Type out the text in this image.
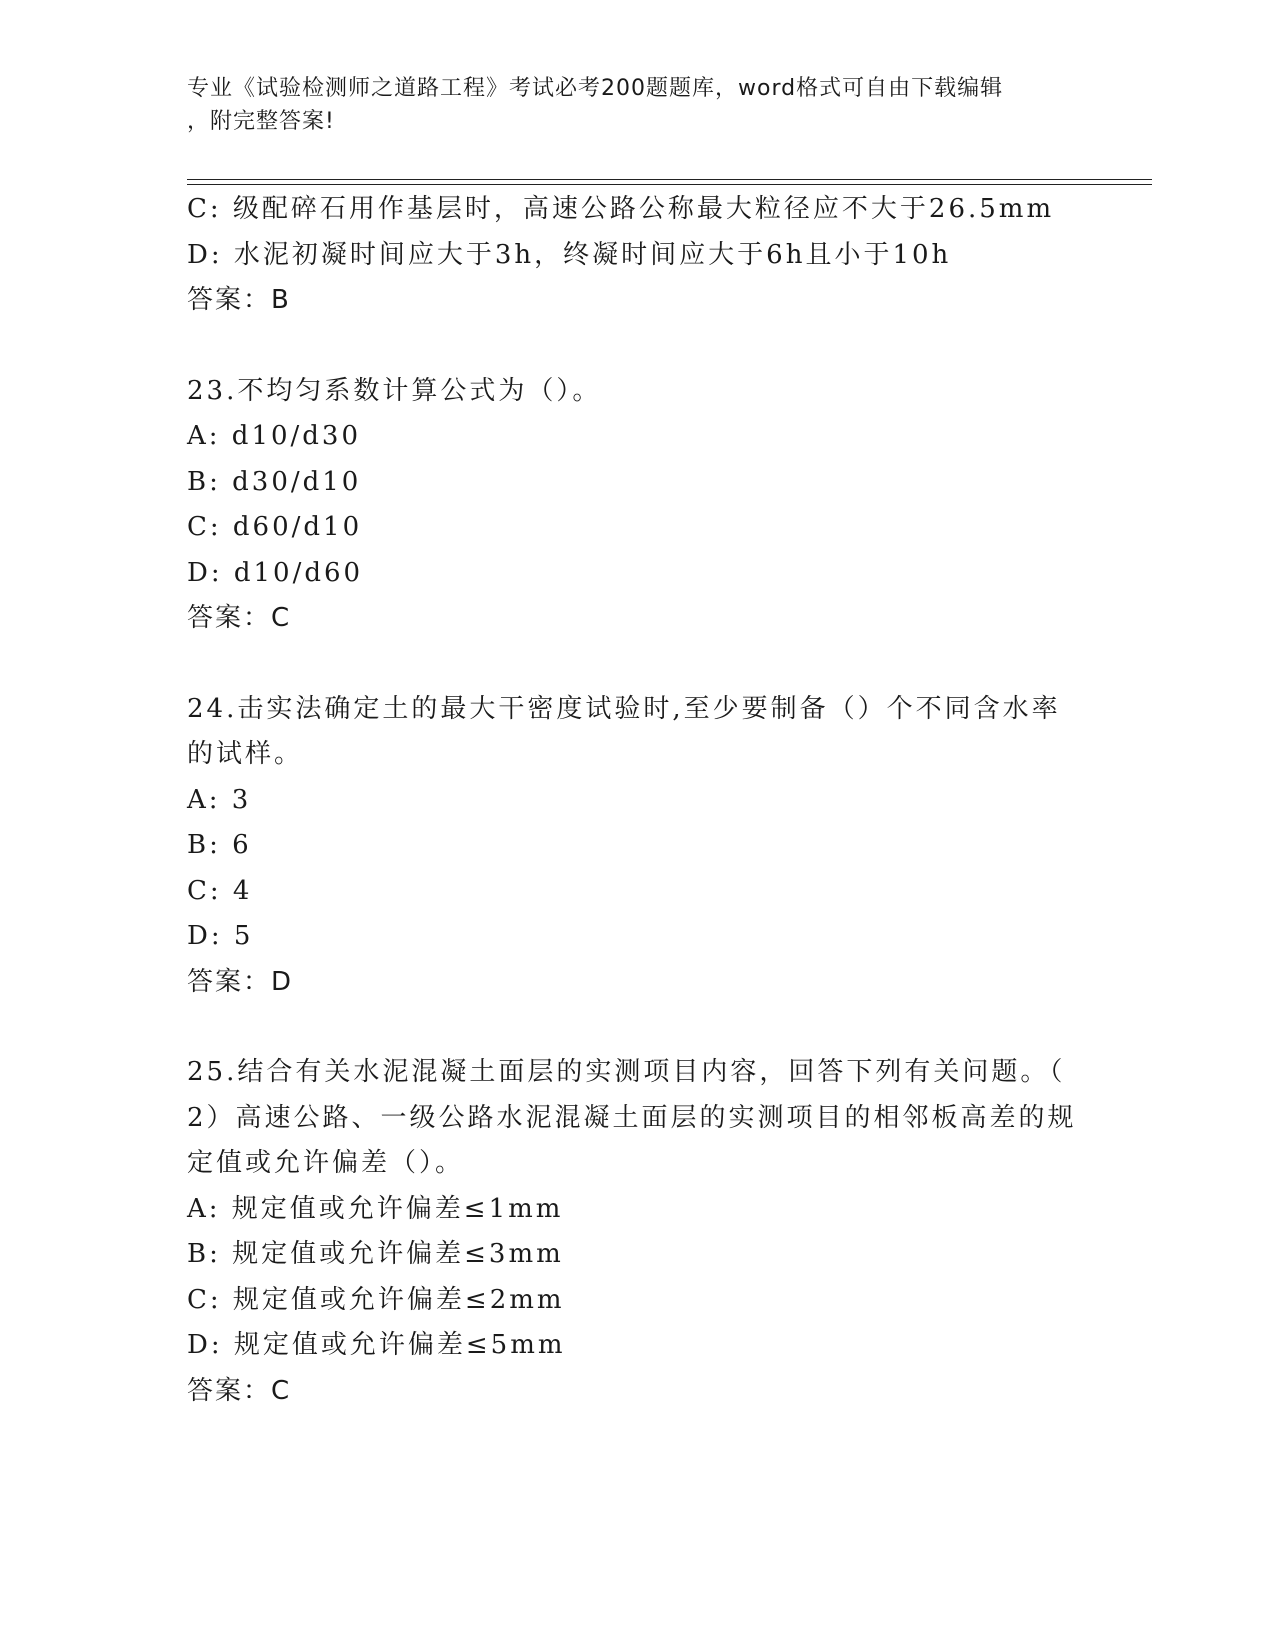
专业《试验检测师之道路工程》考试必考200题题库，word格式可自由下载编辑
，附完整答案!
C: 级配碎石用作基层时，高速公路公称最大粒径应不大于26.5mm
D: 水泥初凝时间应大于3h，终凝时间应大于6h且小于10h
答案：B
23.不均匀系数计算公式为（）。
A: d10/d30
B: d30/d10
C: d60/d10
D: d10/d60
答案：C
24.击实法确定土的最大干密度试验时,至少要制备（）个不同含水率
的试样。
A: 3
B: 6
C: 4
D: 5
答案：D
25.结合有关水泥混凝土面层的实测项目内容，回答下列有关问题。（
2）高速公路、一级公路水泥混凝土面层的实测项目的相邻板高差的规
定值或允许偏差（）。
A: 规定值或允许偏差≤1mm
B: 规定值或允许偏差≤3mm
C: 规定值或允许偏差≤2mm
D: 规定值或允许偏差≤5mm
答案：C
